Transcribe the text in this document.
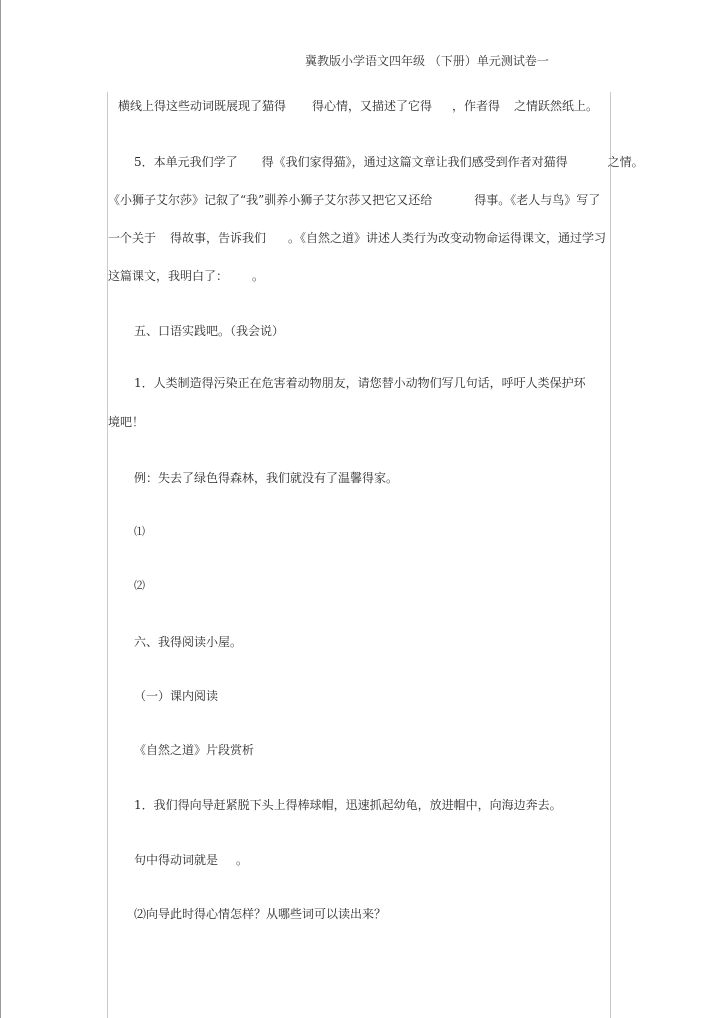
冀教版小学语文四年级 （下册）单元测试卷一
横线上得这些动词既展现了猫得 得心情，又描述了它得 ，作者得 之情跃然纸上。
5．本单元我们学了 得《我们家得猫》，通过这篇文章让我们感受到作者对猫得	之情。
《小狮子艾尔莎》记叙了“我”驯养小狮子艾尔莎又把它又还给	得事。《老人与鸟》写了
一个关于 得故事，告诉我们 。《自然之道》讲述人类行为改变动物命运得课文，通过学习
这篇课文，我明白了： 。
五、口语实践吧。（我会说）
1．人类制造得污染正在危害着动物朋友，请您替小动物们写几句话，呼吁人类保护环
境吧！
例：失去了绿色得森林，我们就没有了温馨得家。
⑴
⑵
六、我得阅读小屋。
（一）课内阅读
《自然之道》片段赏析
1．我们得向导赶紧脱下头上得棒球帽，迅速抓起幼龟，放进帽中，向海边奔去。
句中得动词就是 。
⑵向导此时得心情怎样？从哪些词可以读出来？
